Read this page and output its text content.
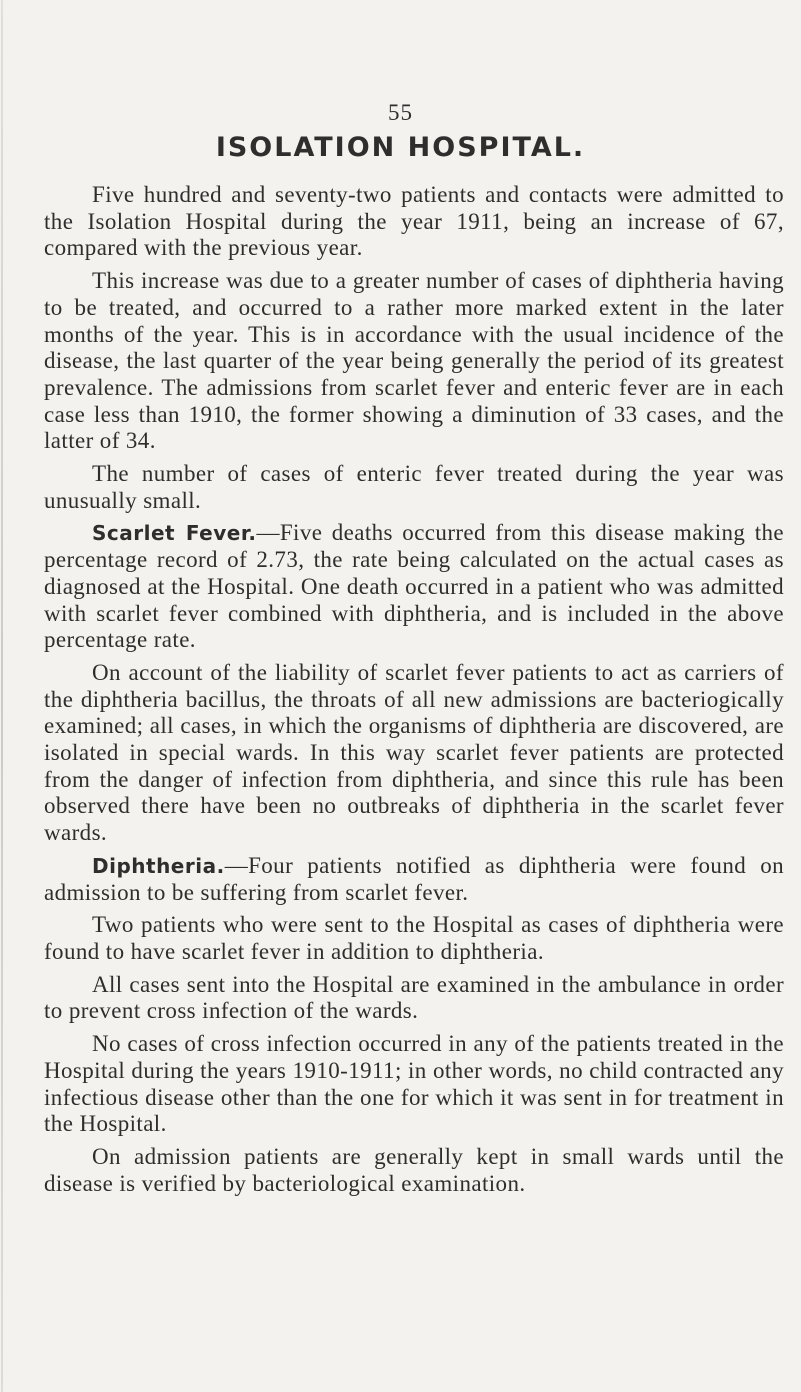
55
ISOLATION HOSPITAL.

Five hundred and seventy-two patients and contacts were admitted to the Isolation Hospital during the year 1911, being an increase of 67, compared with the previous year.

This increase was due to a greater number of cases of diphtheria having to be treated, and occurred to a rather more marked extent in the later months of the year. This is in accordance with the usual incidence of the disease, the last quarter of the year being generally the period of its greatest prevalence. The admissions from scarlet fever and enteric fever are in each case less than 1910, the former showing a diminution of 33 cases, and the latter of 34.

The number of cases of enteric fever treated during the year was unusually small.

Scarlet Fever.—Five deaths occurred from this disease making the percentage record of 2.73, the rate being calculated on the actual cases as diagnosed at the Hospital. One death occurred in a patient who was admitted with scarlet fever combined with diphtheria, and is included in the above percentage rate.

On account of the liability of scarlet fever patients to act as carriers of the diphtheria bacillus, the throats of all new admissions are bacteriogically examined; all cases, in which the organisms of diphtheria are discovered, are isolated in special wards. In this way scarlet fever patients are protected from the danger of infection from diphtheria, and since this rule has been observed there have been no outbreaks of diphtheria in the scarlet fever wards.

Diphtheria.—Four patients notified as diphtheria were found on admission to be suffering from scarlet fever.

Two patients who were sent to the Hospital as cases of diphtheria were found to have scarlet fever in addition to diphtheria.

All cases sent into the Hospital are examined in the ambulance in order to prevent cross infection of the wards.

No cases of cross infection occurred in any of the patients treated in the Hospital during the years 1910-1911; in other words, no child contracted any infectious disease other than the one for which it was sent in for treatment in the Hospital.

On admission patients are generally kept in small wards until the disease is verified by bacteriological examination.
